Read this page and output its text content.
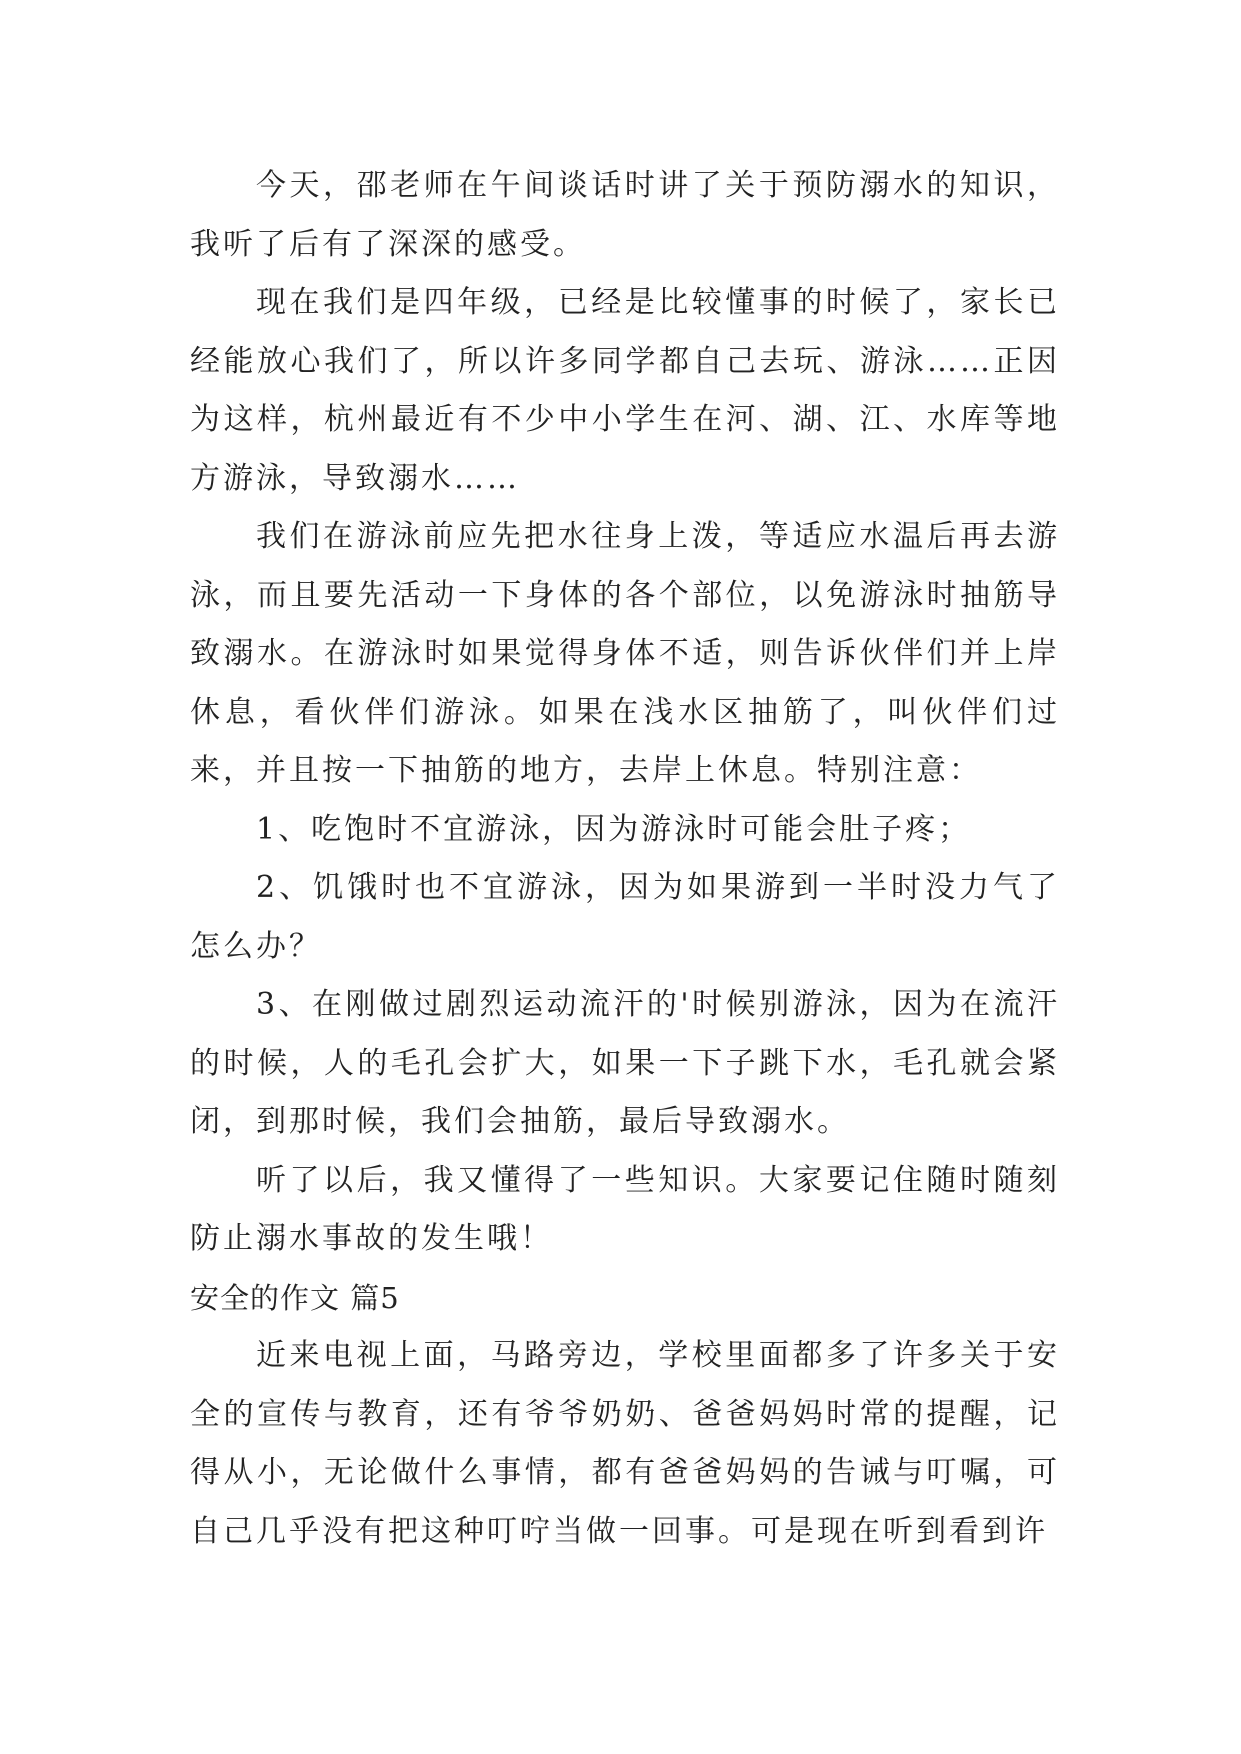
今天，邵老师在午间谈话时讲了关于预防溺水的知识，我听了后有了深深的感受。

现在我们是四年级，已经是比较懂事的时候了，家长已经能放心我们了，所以许多同学都自己去玩、游泳……正因为这样，杭州最近有不少中小学生在河、湖、江、水库等地方游泳，导致溺水……

我们在游泳前应先把水往身上泼，等适应水温后再去游泳，而且要先活动一下身体的各个部位，以免游泳时抽筋导致溺水。在游泳时如果觉得身体不适，则告诉伙伴们并上岸休息，看伙伴们游泳。如果在浅水区抽筋了，叫伙伴们过来，并且按一下抽筋的地方，去岸上休息。特别注意：

1、吃饱时不宜游泳，因为游泳时可能会肚子疼；

2、饥饿时也不宜游泳，因为如果游到一半时没力气了怎么办？

3、在刚做过剧烈运动流汗的'时候别游泳，因为在流汗的时候，人的毛孔会扩大，如果一下子跳下水，毛孔就会紧闭，到那时候，我们会抽筋，最后导致溺水。

听了以后，我又懂得了一些知识。大家要记住随时随刻防止溺水事故的发生哦！

安全的作文 篇5

近来电视上面，马路旁边，学校里面都多了许多关于安全的宣传与教育，还有爷爷奶奶、爸爸妈妈时常的提醒，记得从小，无论做什么事情，都有爸爸妈妈的告诫与叮嘱，可自己几乎没有把这种叮咛当做一回事。可是现在听到看到许
